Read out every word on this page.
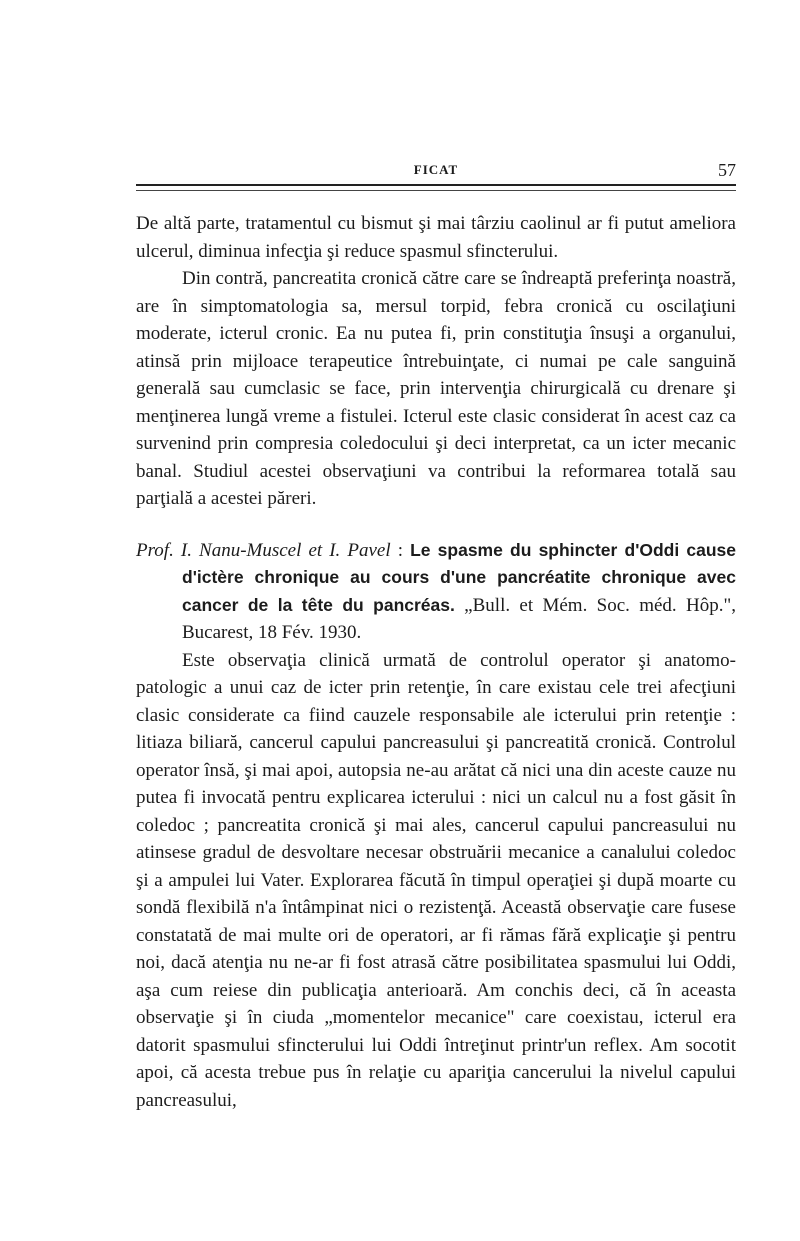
FICAT	57

De altă parte, tratamentul cu bismut şi mai târziu caolinul ar fi putut ameliora ulcerul, diminua infecţia şi reduce spasmul sfincterului.

Din contră, pancreatita cronică către care se îndreaptă preferinţa noastră, are în simptomatologia sa, mersul torpid, febra cronică cu oscilaţiuni moderate, icterul cronic. Ea nu putea fi, prin constituţia însuşi a organului, atinsă prin mijloace terapeutice întrebuinţate, ci numai pe cale sanguină generală sau cumclasic se face, prin intervenţia chirurgicală cu drenare şi menţinerea lungă vreme a fistulei. Icterul este clasic considerat în acest caz ca survenind prin compresia coledocului şi deci interpretat, ca un icter mecanic banal. Studiul acestei observaţiuni va contribui la reformarea totală sau parţială a acestei păreri.

Prof. I. Nanu-Muscel et I. Pavel : Le spasme du sphincter d'Oddi cause d'ictère chronique au cours d'une pancréatite chronique avec cancer de la tête du pancréas. „Bull. et Mém. Soc. méd. Hôp.", Bucarest, 18 Fév. 1930.

Este observaţia clinică urmată de controlul operator şi anatomo-patologic a unui caz de icter prin retenţie, în care existau cele trei afecţiuni clasic considerate ca fiind cauzele responsabile ale icterului prin retenţie : litiaza biliară, cancerul capului pancreasului şi pancreatită cronică. Controlul operator însă, şi mai apoi, autopsia ne-au arătat că nici una din aceste cauze nu putea fi invocată pentru explicarea icterului : nici un calcul nu a fost găsit în coledoc ; pancreatita cronică şi mai ales, cancerul capului pancreasului nu atinsese gradul de desvoltare necesar obstruării mecanice a canalului coledoc şi a ampulei lui Vater. Explorarea făcută în timpul operaţiei şi după moarte cu sondă flexibilă n'a întâmpinat nici o rezistenţă. Această observaţie care fusese constatată de mai multe ori de operatori, ar fi rămas fără explicaţie şi pentru noi, dacă atenţia nu ne-ar fi fost atrasă către posibilitatea spasmului lui Oddi, aşa cum reiese din publicaţia anterioară. Am conchis deci, că în aceasta observaţie şi în ciuda „momentelor mecanice" care coexistau, icterul era datorit spasmului sfincterului lui Oddi întreţinut printr'un reflex. Am socotit apoi, că acesta trebue pus în relaţie cu apariţia cancerului la nivelul capului pancreasului,
